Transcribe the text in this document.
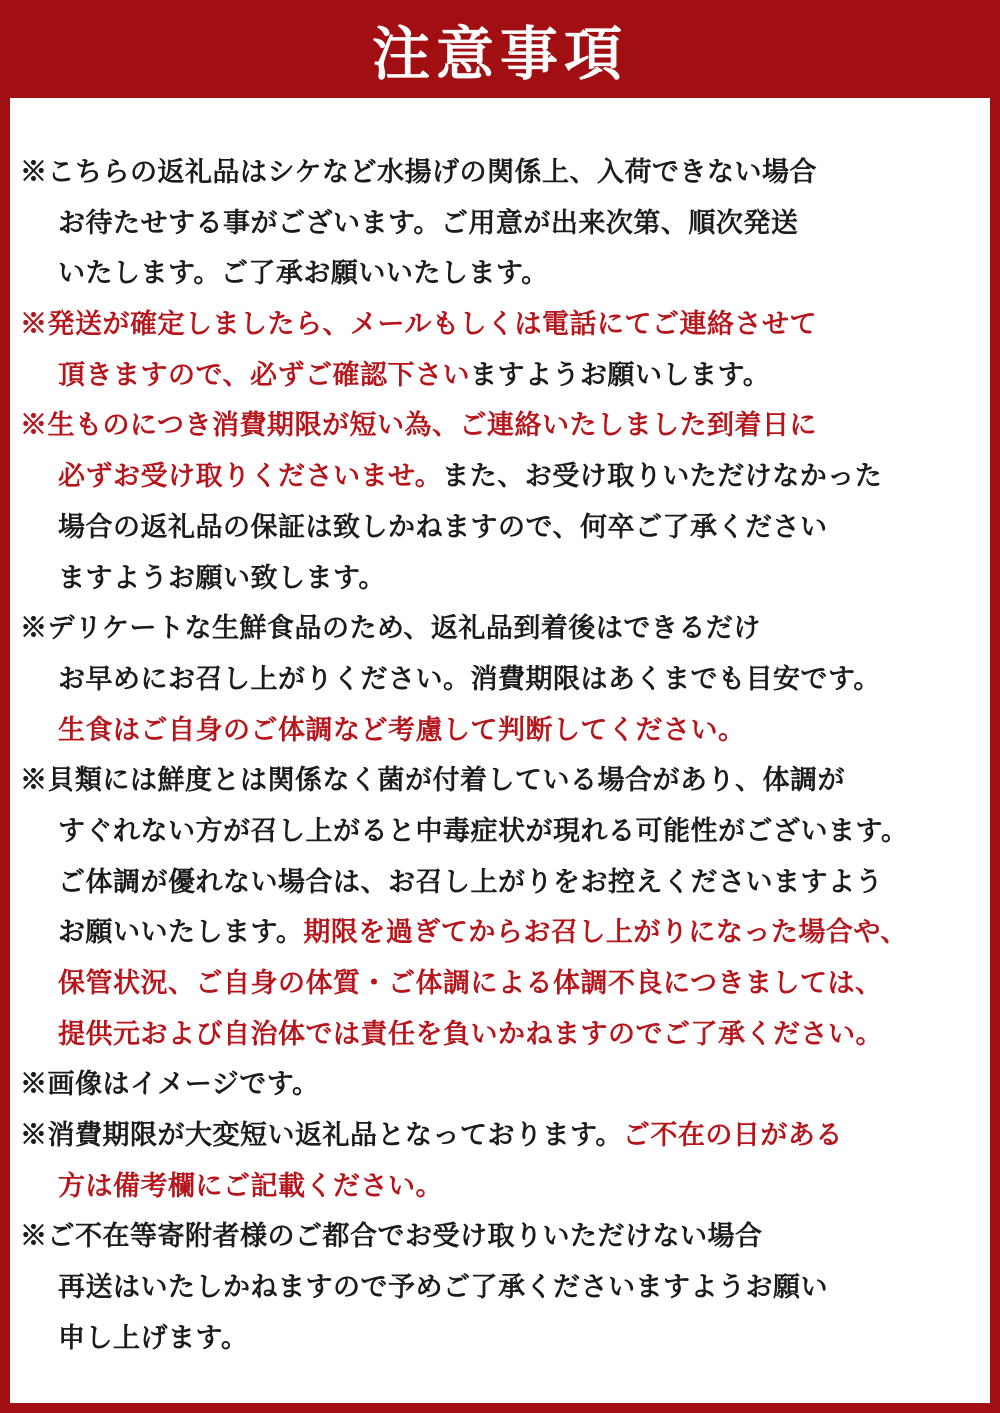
注意事項
※こちらの返礼品はシケなど水揚げの関係上、入荷できない場合
お待たせする事がございます。ご用意が出来次第、順次発送
いたします。ご了承お願いいたします。
※発送が確定しましたら、メールもしくは電話にてご連絡させて
頂きますので、必ずご確認下さいますようお願いします。
※生ものにつき消費期限が短い為、ご連絡いたしました到着日に
必ずお受け取りくださいませ。また、お受け取りいただけなかった
場合の返礼品の保証は致しかねますので、何卒ご了承ください
ますようお願い致します。
※デリケートな生鮮食品のため、返礼品到着後はできるだけ
お早めにお召し上がりください。消費期限はあくまでも目安です。
生食はご自身のご体調など考慮して判断してください。
※貝類には鮮度とは関係なく菌が付着している場合があり、体調が
すぐれない方が召し上がると中毒症状が現れる可能性がございます。
ご体調が優れない場合は、お召し上がりをお控えくださいますよう
お願いいたします。期限を過ぎてからお召し上がりになった場合や、
保管状況、ご自身の体質・ご体調による体調不良につきましては、
提供元および自治体では責任を負いかねますのでご了承ください。
※画像はイメージです。
※消費期限が大変短い返礼品となっております。ご不在の日がある
方は備考欄にご記載ください。
※ご不在等寄附者様のご都合でお受け取りいただけない場合
再送はいたしかねますので予めご了承くださいますようお願い
申し上げます。
